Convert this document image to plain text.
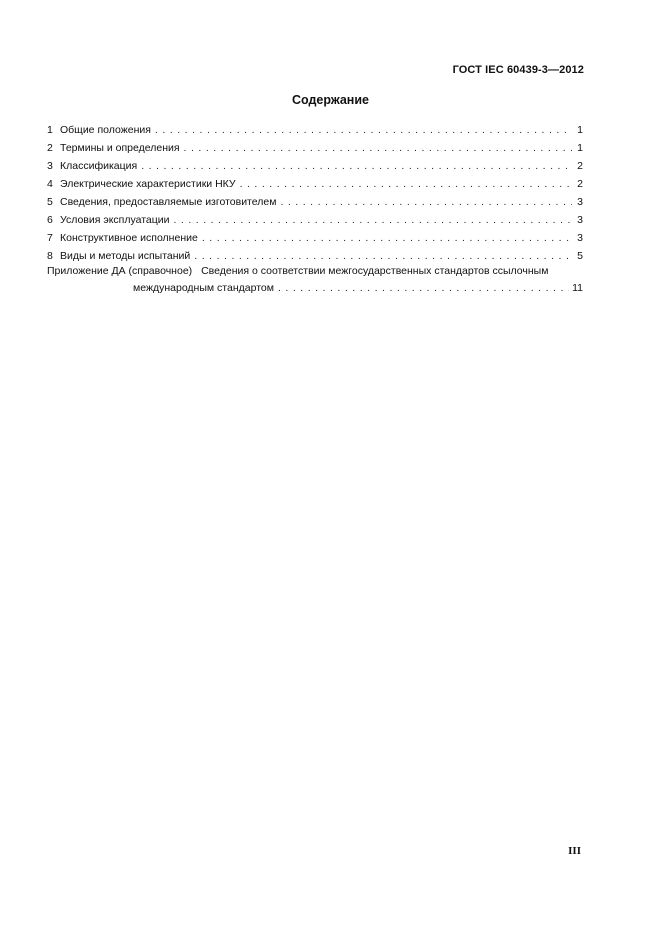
ГОСТ IEC 60439-3—2012
Содержание
1 Общие положения . . .	1
2 Термины и определения . . .	1
3 Классификация . . .	2
4 Электрические характеристики НКУ . . .	2
5 Сведения, предоставляемые изготовителем . . .	3
6 Условия эксплуатации . . .	3
7 Конструктивное исполнение . . .	3
8 Виды и методы испытаний . . .	5
Приложение ДА (справочное) Сведения о соответствии межгосударственных стандартов ссылочным
международным стандартом . . .	11
III
